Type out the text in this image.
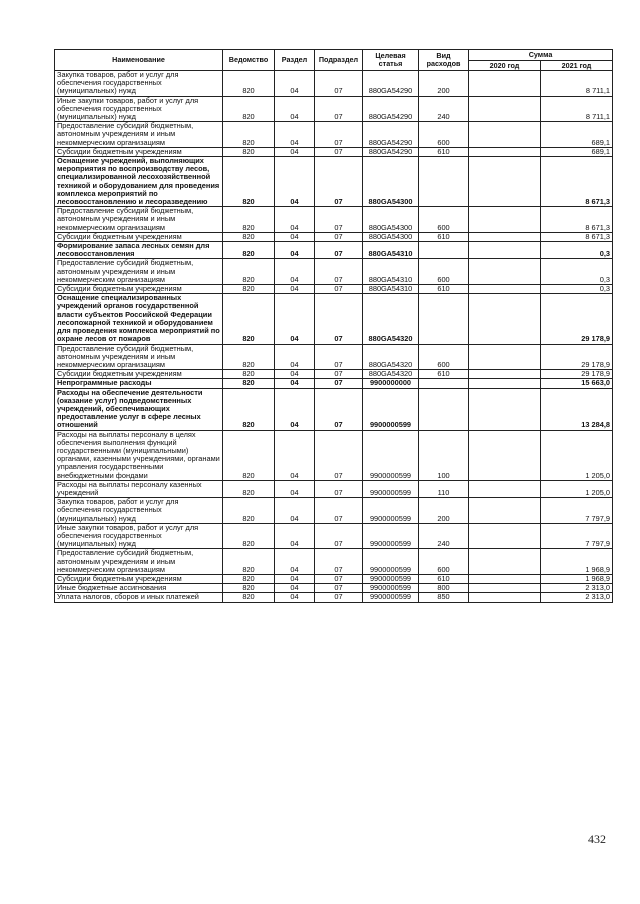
Наименование	Ведомство	Раздел	Подраздел	Целевая статья	Вид расходов	Сумма	
						2020 год	2021 год
Закупка товаров, работ и услуг для обеспечения государственных (муниципальных) нужд	820	04	07	880GA54290	200		8 711,1
Иные закупки товаров, работ и услуг для обеспечения государственных (муниципальных) нужд	820	04	07	880GA54290	240		8 711,1
Предоставление субсидий бюджетным, автономным учреждениям и иным некоммерческим организациям	820	04	07	880GA54290	600		689,1
Субсидии бюджетным учреждениям	820	04	07	880GA54290	610		689,1
Оснащение учреждений, выполняющих мероприятия по воспроизводству лесов, специализированной лесохозяйственной техникой и оборудованием для проведения комплекса мероприятий по лесовосстановлению и лесоразведению	820	04	07	880GA54300			8 671,3
Предоставление субсидий бюджетным, автономным учреждениям и иным некоммерческим организациям	820	04	07	880GA54300	600		8 671,3
Субсидии бюджетным учреждениям	820	04	07	880GA54300	610		8 671,3
Формирование запаса лесных семян для лесовосстановления	820	04	07	880GA54310			0,3
Предоставление субсидий бюджетным, автономным учреждениям и иным некоммерческим организациям	820	04	07	880GA54310	600		0,3
Субсидии бюджетным учреждениям	820	04	07	880GA54310	610		0,3
Оснащение специализированных учреждений органов государственной власти субъектов Российской Федерации лесопожарной техникой и оборудованием для проведения комплекса мероприятий по охране лесов от пожаров	820	04	07	880GA54320			29 178,9
Предоставление субсидий бюджетным, автономным учреждениям и иным некоммерческим организациям	820	04	07	880GA54320	600		29 178,9
Субсидии бюджетным учреждениям	820	04	07	880GA54320	610		29 178,9
Непрограммные расходы	820	04	07	9900000000			15 663,0
Расходы на обеспечение деятельности (оказание услуг) подведомственных учреждений, обеспечивающих предоставление услуг в сфере лесных отношений	820	04	07	9900000599			13 284,8
Расходы на выплаты персоналу в целях обеспечения выполнения функций государственными (муниципальными) органами, казенными учреждениями, органами управления государственными внебюджетными фондами	820	04	07	9900000599	100		1 205,0
Расходы на выплаты персоналу казенных учреждений	820	04	07	9900000599	110		1 205,0
Закупка товаров, работ и услуг для обеспечения государственных (муниципальных) нужд	820	04	07	9900000599	200		7 797,9
Иные закупки товаров, работ и услуг для обеспечения государственных (муниципальных) нужд	820	04	07	9900000599	240		7 797,9
Предоставление субсидий бюджетным, автономным учреждениям и иным некоммерческим организациям	820	04	07	9900000599	600		1 968,9
Субсидии бюджетным учреждениям	820	04	07	9900000599	610		1 968,9
Иные бюджетные ассигнования	820	04	07	9900000599	800		2 313,0
Уплата налогов, сборов и иных платежей	820	04	07	9900000599	850		2 313,0
432
